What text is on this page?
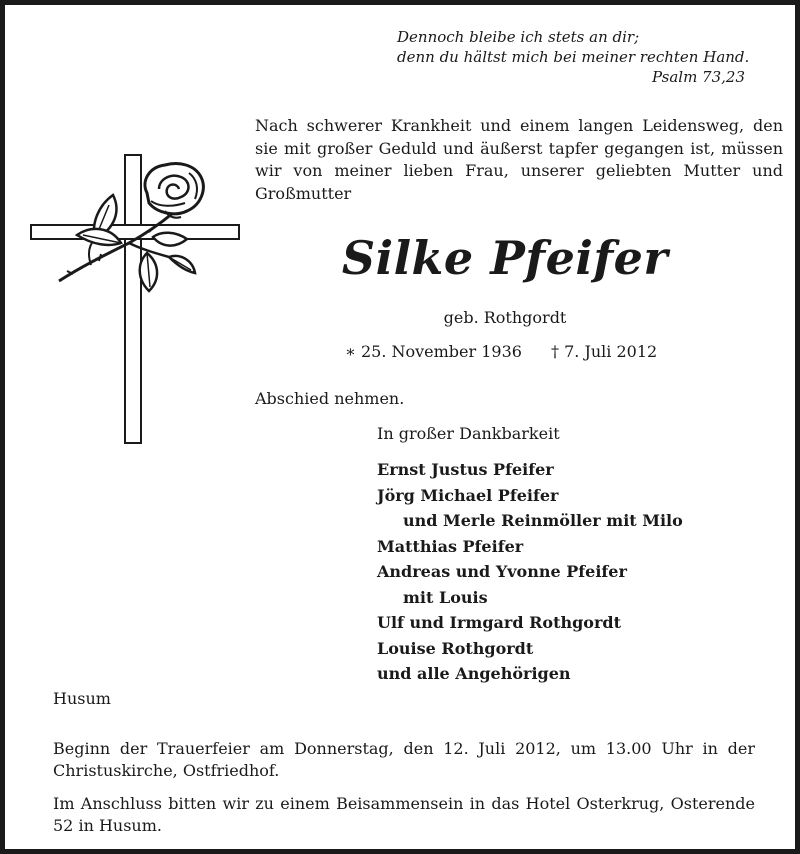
Dennoch bleibe ich stets an dir;
denn du hältst mich bei meiner rechten Hand.
Psalm 73,23
Nach schwerer Krankheit und einem langen Leidensweg, den sie mit großer Geduld und äußerst tapfer gegangen ist, müssen wir von meiner lieben Frau, unserer geliebten Mutter und Großmutter
Silke Pfeifer
geb. Rothgordt
∗ 25. November 1936 † 7. Juli 2012
Abschied nehmen.
In großer Dankbarkeit
Ernst Justus Pfeifer
Jörg Michael Pfeifer
und Merle Reinmöller mit Milo
Matthias Pfeifer
Andreas und Yvonne Pfeifer
mit Louis
Ulf und Irmgard Rothgordt
Louise Rothgordt
und alle Angehörigen
Husum
Beginn der Trauerfeier am Donnerstag, den 12. Juli 2012, um 13.00 Uhr in der Christuskirche, Ostfriedhof.
Im Anschluss bitten wir zu einem Beisammensein in das Hotel Osterkrug, Osterende 52 in Husum.
